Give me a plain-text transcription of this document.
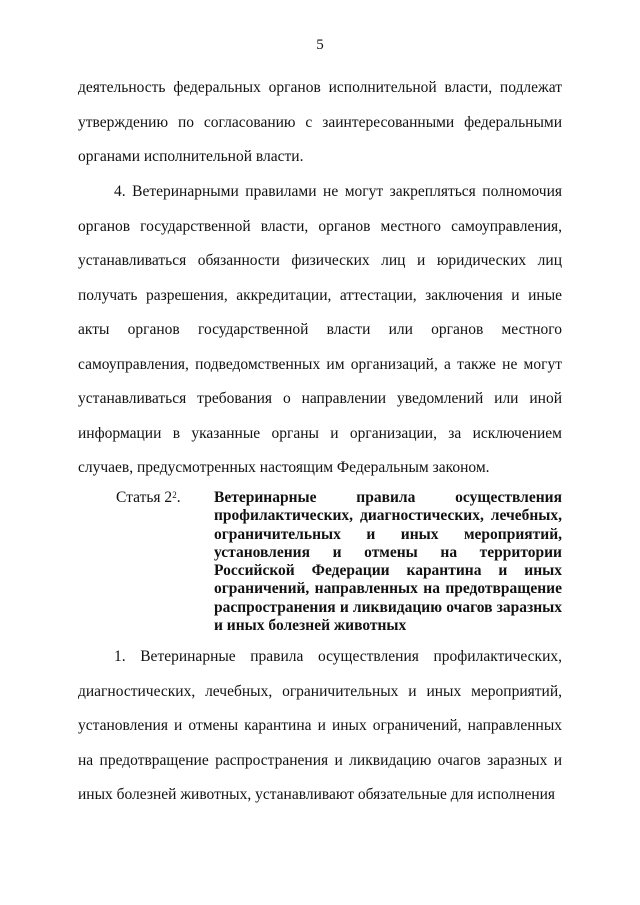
5

деятельность федеральных органов исполнительной власти, подлежат утверждению по согласованию с заинтересованными федеральными органами исполнительной власти.

4. Ветеринарными правилами не могут закрепляться полномочия органов государственной власти, органов местного самоуправления, устанавливаться обязанности физических лиц и юридических лиц получать разрешения, аккредитации, аттестации, заключения и иные акты органов государственной власти или органов местного самоуправления, подведомственных им организаций, а также не могут устанавливаться требования о направлении уведомлений или иной информации в указанные органы и организации, за исключением случаев, предусмотренных настоящим Федеральным законом.

Статья $2^2$. Ветеринарные правила осуществления профилактических, диагностических, лечебных, ограничительных и иных мероприятий, установления и отмены на территории Российской Федерации карантина и иных ограничений, направленных на предотвращение распространения и ликвидацию очагов заразных и иных болезней животных

1. Ветеринарные правила осуществления профилактических, диагностических, лечебных, ограничительных и иных мероприятий, установления и отмены карантина и иных ограничений, направленных на предотвращение распространения и ликвидацию очагов заразных и иных болезней животных, устанавливают обязательные для исполнения
